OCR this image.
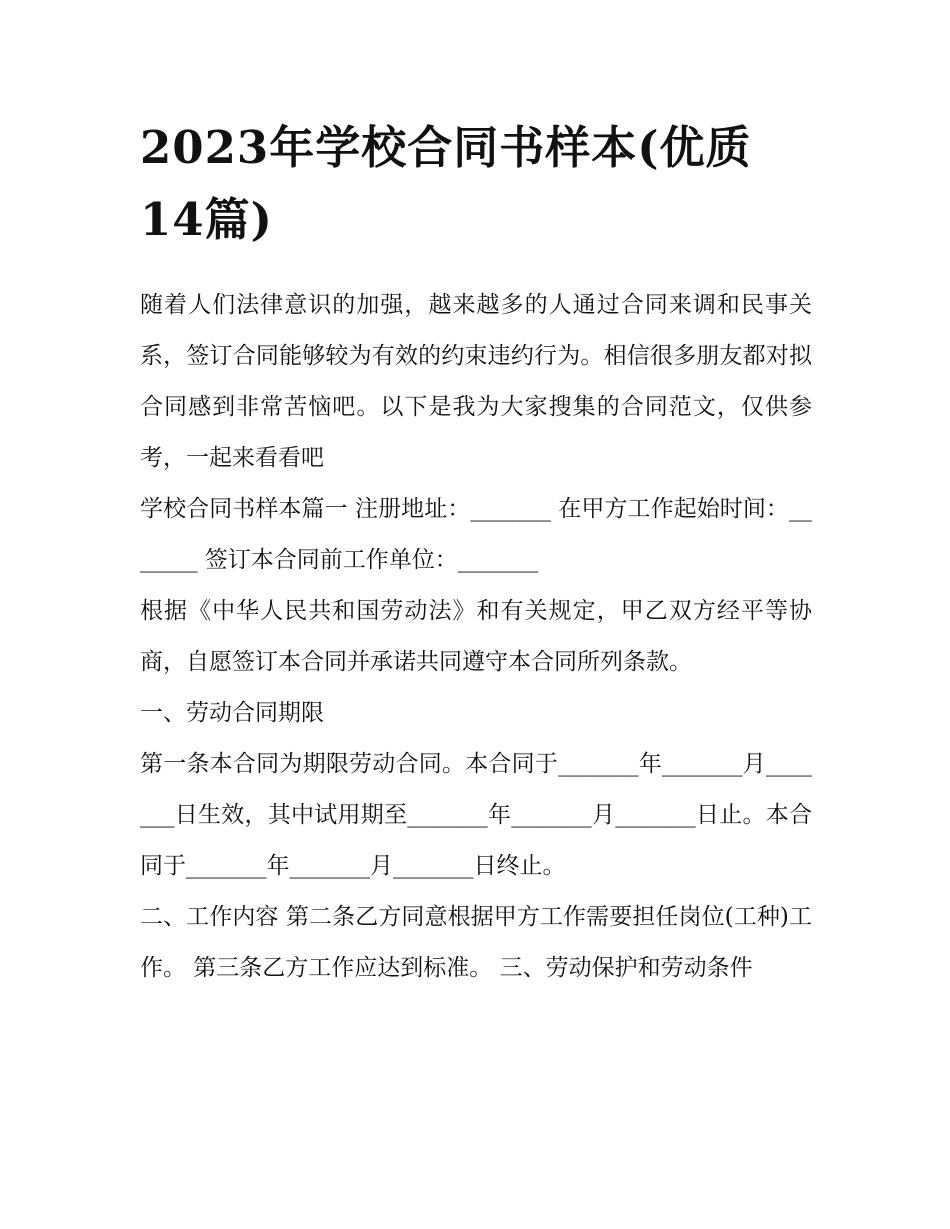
2023年学校合同书样本(优质14篇)

随着人们法律意识的加强，越来越多的人通过合同来调和民事关系，签订合同能够较为有效的约束违约行为。相信很多朋友都对拟合同感到非常苦恼吧。以下是我为大家搜集的合同范文，仅供参考，一起来看看吧

学校合同书样本篇一 注册地址：_______ 在甲方工作起始时间：_______ 签订本合同前工作单位：_______

根据《中华人民共和国劳动法》和有关规定，甲乙双方经平等协商，自愿签订本合同并承诺共同遵守本合同所列条款。

一、劳动合同期限

第一条本合同为期限劳动合同。本合同于_______年_______月_______日生效，其中试用期至_______年_______月_______日止。本合同于_______年_______月_______日终止。

二、工作内容 第二条乙方同意根据甲方工作需要担任岗位(工种)工作。 第三条乙方工作应达到标准。 三、劳动保护和劳动条件
